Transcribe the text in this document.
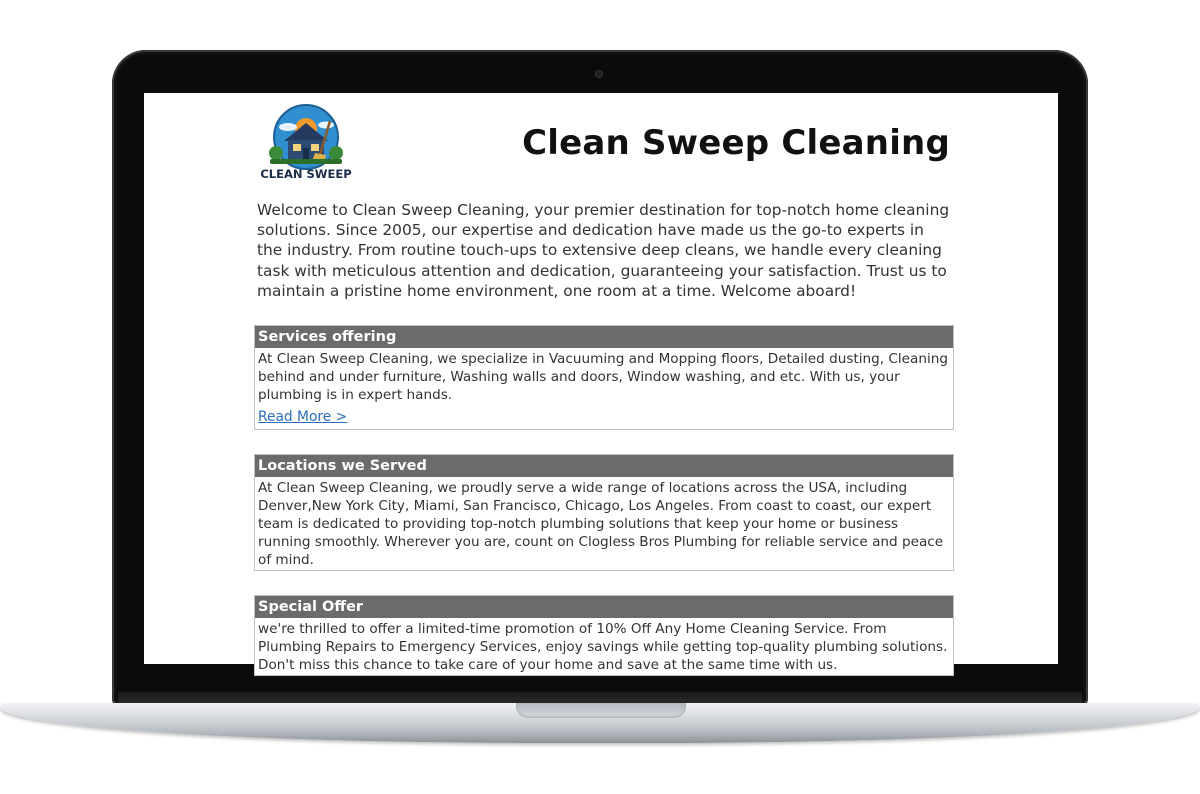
CLEAN SWEEP
Clean Sweep Cleaning

Welcome to Clean Sweep Cleaning, your premier destination for top-notch home cleaning solutions. Since 2005, our expertise and dedication have made us the go-to experts in the industry. From routine touch-ups to extensive deep cleans, we handle every cleaning task with meticulous attention and dedication, guaranteeing your satisfaction. Trust us to maintain a pristine home environment, one room at a time. Welcome aboard!

Services offering
At Clean Sweep Cleaning, we specialize in Vacuuming and Mopping floors, Detailed dusting, Cleaning behind and under furniture, Washing walls and doors, Window washing, and etc. With us, your plumbing is in expert hands.
Read More >
Locations we Served
At Clean Sweep Cleaning, we proudly serve a wide range of locations across the USA, including Denver,New York City, Miami, San Francisco, Chicago, Los Angeles. From coast to coast, our expert team is dedicated to providing top-notch plumbing solutions that keep your home or business running smoothly. Wherever you are, count on Clogless Bros Plumbing for reliable service and peace of mind.
Special Offer
we're thrilled to offer a limited-time promotion of 10% Off Any Home Cleaning Service. From Plumbing Repairs to Emergency Services, enjoy savings while getting top-quality plumbing solutions. Don't miss this chance to take care of your home and save at the same time with us.
